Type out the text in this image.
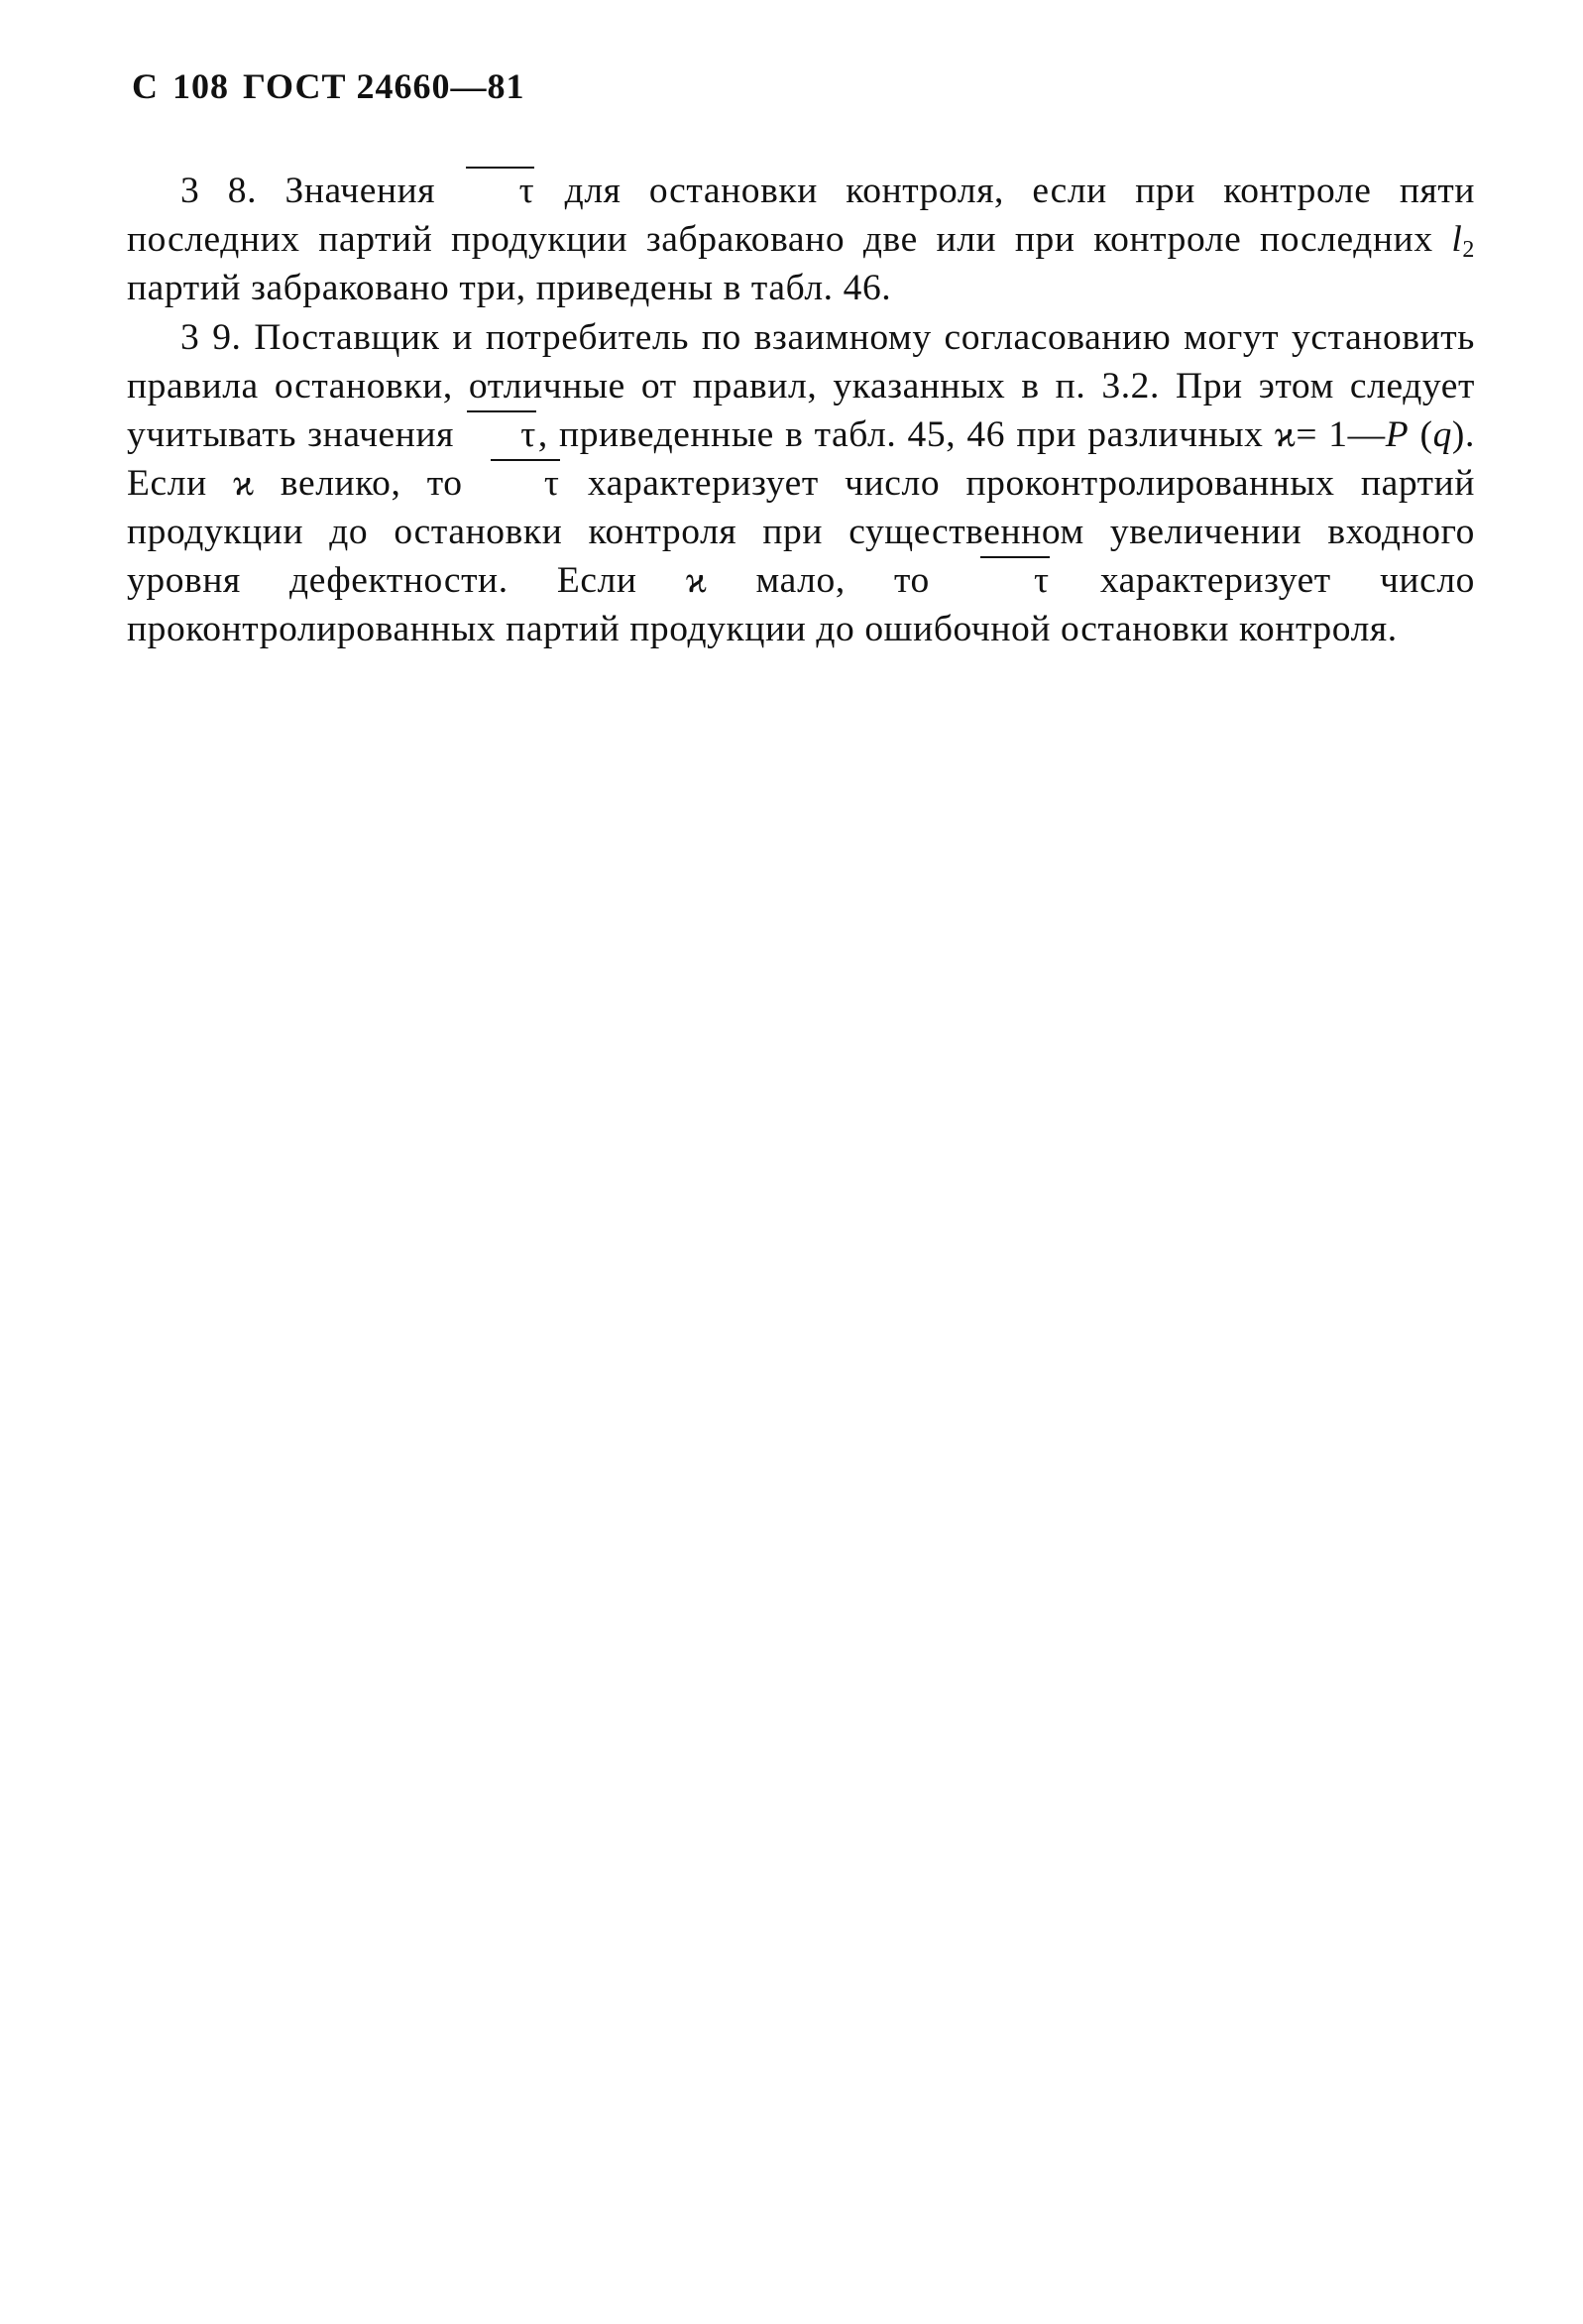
С 108 ГОСТ 24660—81

3 8. Значения τ для остановки контроля, если при контроле пяти последних партий продукции забраковано две или при контроле последних $l_2$ партий забраковано три, приведены в табл. 46.

3 9. Поставщик и потребитель по взаимному согласованию могут установить правила остановки, отличные от правил, указанных в п. 3.2. При этом следует учитывать значения τ, приведенные в табл. 45, 46 при различных ϰ= 1—P (q). Если ϰ велико, то τ характеризует число проконтролированных партий продукции до остановки контроля при существенном увеличении входного уровня дефектности. Если ϰ мало, то	τ характеризует число проконтролированных партий продукции до ошибочной остановки контроля.
